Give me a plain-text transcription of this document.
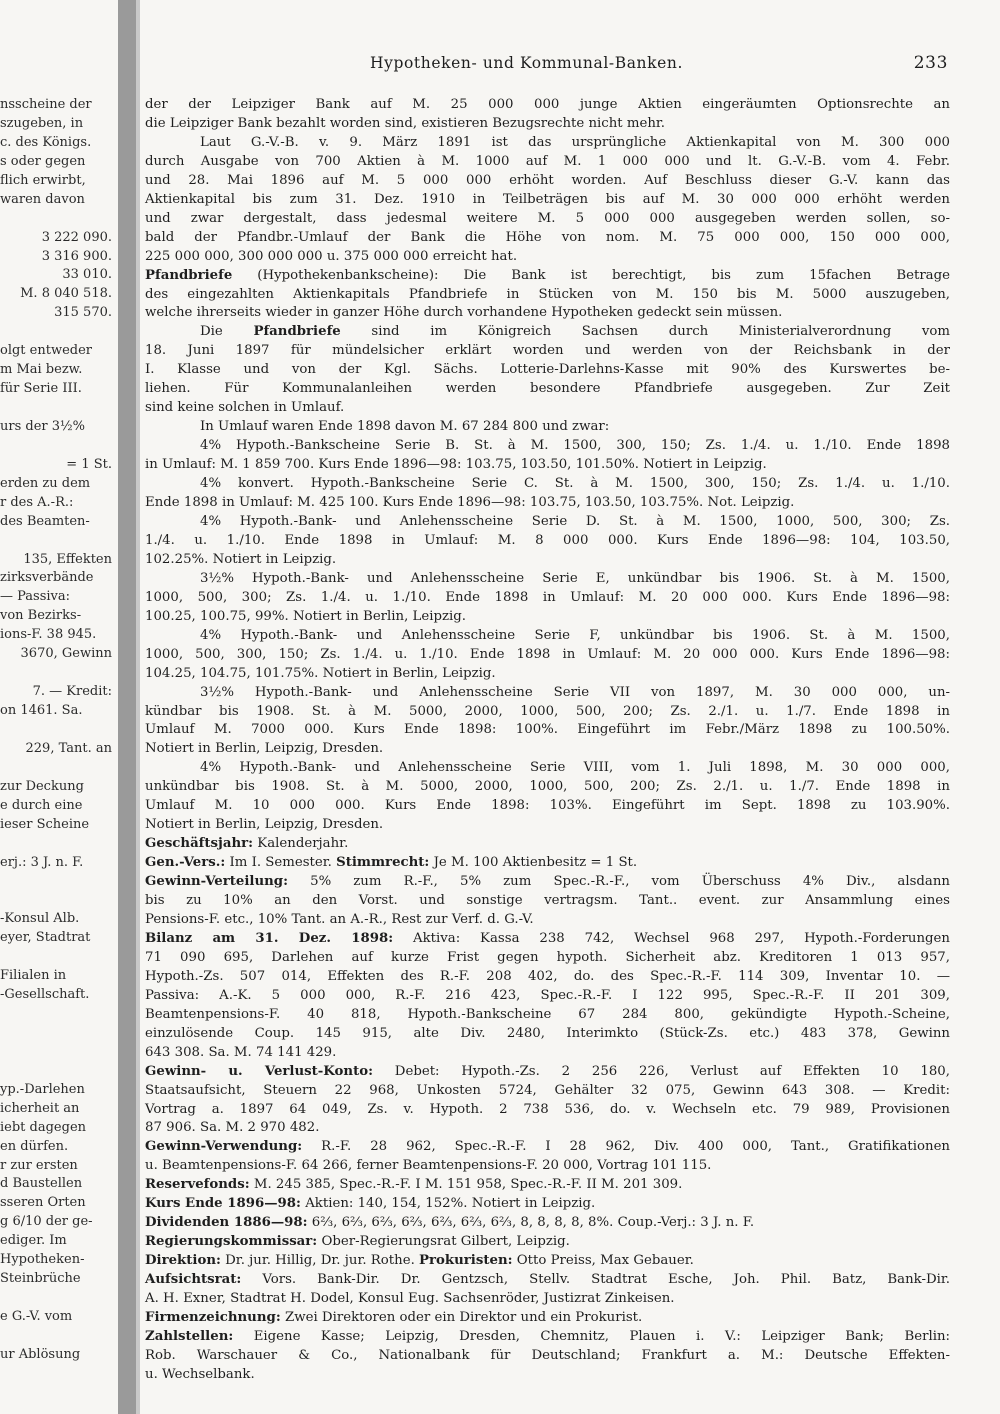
nsscheine der
szugeben, in
c. des Königs.
s oder gegen
flich erwirbt,
waren davon

3 222 090.
3 316 900.
33 010.
M. 8 040 518.
315 570.

olgt entweder
m Mai bezw.
für Serie III.

urs der 3½%

= 1 St.
erden zu dem
r des A.-R.:
des Beamten-

135, Effekten
zirksverbände
— Passiva:
von Bezirks-
ions-F. 38 945.
3670, Gewinn

7. — Kredit:
on 1461. Sa.

229, Tant. an

zur Deckung
e durch eine
ieser Scheine

erj.: 3 J. n. F.

-Konsul Alb.
eyer, Stadtrat

Filialen in
-Gesellschaft.

yp.-Darlehen
icherheit an
iebt dagegen
en dürfen.
r zur ersten
d Baustellen
sseren Orten
g 6/10 der ge-
ediger. Im
Hypotheken-
Steinbrüche

e G.-V. vom

ur Ablösung
Hypotheken- und Kommunal-Banken.	233

der der Leipziger Bank auf M. 25 000 000 junge Aktien eingeräumten Optionsrechte an

die Leipziger Bank bezahlt worden sind, existieren Bezugsrechte nicht mehr.

Laut G.-V.-B. v. 9. März 1891 ist das ursprüngliche Aktienkapital von M. 300 000

durch Ausgabe von 700 Aktien à M. 1000 auf M. 1 000 000 und lt. G.-V.-B. vom 4. Febr.

und 28. Mai 1896 auf M. 5 000 000 erhöht worden. Auf Beschluss dieser G.-V. kann das

Aktienkapital bis zum 31. Dez. 1910 in Teilbeträgen bis auf M. 30 000 000 erhöht werden

und zwar dergestalt, dass jedesmal weitere M. 5 000 000 ausgegeben werden sollen, so-

bald der Pfandbr.-Umlauf der Bank die Höhe von nom. M. 75 000 000, 150 000 000,

225 000 000, 300 000 000 u. 375 000 000 erreicht hat.

Pfandbriefe (Hypothekenbankscheine): Die Bank ist berechtigt, bis zum 15fachen Betrage

des eingezahlten Aktienkapitals Pfandbriefe in Stücken von M. 150 bis M. 5000 auszugeben,

welche ihrerseits wieder in ganzer Höhe durch vorhandene Hypotheken gedeckt sein müssen.

Die Pfandbriefe sind im Königreich Sachsen durch Ministerialverordnung vom

18. Juni 1897 für mündelsicher erklärt worden und werden von der Reichsbank in der

I. Klasse und von der Kgl. Sächs. Lotterie-Darlehns-Kasse mit 90% des Kurswertes be-

liehen. Für Kommunalanleihen werden besondere Pfandbriefe ausgegeben. Zur Zeit

sind keine solchen in Umlauf.

In Umlauf waren Ende 1898 davon M. 67 284 800 und zwar:

4% Hypoth.-Bankscheine Serie B. St. à M. 1500, 300, 150; Zs. 1./4. u. 1./10. Ende 1898

in Umlauf: M. 1 859 700. Kurs Ende 1896—98: 103.75, 103.50, 101.50%. Notiert in Leipzig.

4% konvert. Hypoth.-Bankscheine Serie C. St. à M. 1500, 300, 150; Zs. 1./4. u. 1./10.

Ende 1898 in Umlauf: M. 425 100. Kurs Ende 1896—98: 103.75, 103.50, 103.75%. Not. Leipzig.

4% Hypoth.-Bank- und Anlehensscheine Serie D. St. à M. 1500, 1000, 500, 300; Zs.

1./4. u. 1./10. Ende 1898 in Umlauf: M. 8 000 000. Kurs Ende 1896—98: 104, 103.50,

102.25%. Notiert in Leipzig.

3½% Hypoth.-Bank- und Anlehensscheine Serie E, unkündbar bis 1906. St. à M. 1500,

1000, 500, 300; Zs. 1./4. u. 1./10. Ende 1898 in Umlauf: M. 20 000 000. Kurs Ende 1896—98:

100.25, 100.75, 99%. Notiert in Berlin, Leipzig.

4% Hypoth.-Bank- und Anlehensscheine Serie F, unkündbar bis 1906. St. à M. 1500,

1000, 500, 300, 150; Zs. 1./4. u. 1./10. Ende 1898 in Umlauf: M. 20 000 000. Kurs Ende 1896—98:

104.25, 104.75, 101.75%. Notiert in Berlin, Leipzig.

3½% Hypoth.-Bank- und Anlehensscheine Serie VII von 1897, M. 30 000 000, un-

kündbar bis 1908. St. à M. 5000, 2000, 1000, 500, 200; Zs. 2./1. u. 1./7. Ende 1898 in

Umlauf M. 7000 000. Kurs Ende 1898: 100%. Eingeführt im Febr./März 1898 zu 100.50%.

Notiert in Berlin, Leipzig, Dresden.

4% Hypoth.-Bank- und Anlehensscheine Serie VIII, vom 1. Juli 1898, M. 30 000 000,

unkündbar bis 1908. St. à M. 5000, 2000, 1000, 500, 200; Zs. 2./1. u. 1./7. Ende 1898 in

Umlauf M. 10 000 000. Kurs Ende 1898: 103%. Eingeführt im Sept. 1898 zu 103.90%.

Notiert in Berlin, Leipzig, Dresden.

Geschäftsjahr: Kalenderjahr.

Gen.-Vers.: Im I. Semester. Stimmrecht: Je M. 100 Aktienbesitz = 1 St.

Gewinn-Verteilung: 5% zum R.-F., 5% zum Spec.-R.-F., vom Überschuss 4% Div., alsdann

bis zu 10% an den Vorst. und sonstige vertragsm. Tant.. event. zur Ansammlung eines

Pensions-F. etc., 10% Tant. an A.-R., Rest zur Verf. d. G.-V.

Bilanz am 31. Dez. 1898: Aktiva: Kassa 238 742, Wechsel 968 297, Hypoth.-Forderungen

71 090 695, Darlehen auf kurze Frist gegen hypoth. Sicherheit abz. Kreditoren 1 013 957,

Hypoth.-Zs. 507 014, Effekten des R.-F. 208 402, do. des Spec.-R.-F. 114 309, Inventar 10. —

Passiva: A.-K. 5 000 000, R.-F. 216 423, Spec.-R.-F. I 122 995, Spec.-R.-F. II 201 309,

Beamtenpensions-F. 40 818, Hypoth.-Bankscheine 67 284 800, gekündigte Hypoth.-Scheine,

einzulösende Coup. 145 915, alte Div. 2480, Interimkto (Stück-Zs. etc.) 483 378, Gewinn

643 308. Sa. M. 74 141 429.

Gewinn- u. Verlust-Konto: Debet: Hypoth.-Zs. 2 256 226, Verlust auf Effekten 10 180,

Staatsaufsicht, Steuern 22 968, Unkosten 5724, Gehälter 32 075, Gewinn 643 308. — Kredit:

Vortrag a. 1897 64 049, Zs. v. Hypoth. 2 738 536, do. v. Wechseln etc. 79 989, Provisionen

87 906. Sa. M. 2 970 482.

Gewinn-Verwendung: R.-F. 28 962, Spec.-R.-F. I 28 962, Div. 400 000, Tant., Gratifikationen

u. Beamtenpensions-F. 64 266, ferner Beamtenpensions-F. 20 000, Vortrag 101 115.

Reservefonds: M. 245 385, Spec.-R.-F. I M. 151 958, Spec.-R.-F. II M. 201 309.

Kurs Ende 1896—98: Aktien: 140, 154, 152%. Notiert in Leipzig.

Dividenden 1886—98: 6⅔, 6⅔, 6⅔, 6⅔, 6⅔, 6⅔, 6⅔, 8, 8, 8, 8, 8%. Coup.-Verj.: 3 J. n. F.

Regierungskommissar: Ober-Regierungsrat Gilbert, Leipzig.

Direktion: Dr. jur. Hillig, Dr. jur. Rothe. Prokuristen: Otto Preiss, Max Gebauer.

Aufsichtsrat: Vors. Bank-Dir. Dr. Gentzsch, Stellv. Stadtrat Esche, Joh. Phil. Batz, Bank-Dir.

A. H. Exner, Stadtrat H. Dodel, Konsul Eug. Sachsenröder, Justizrat Zinkeisen.

Firmenzeichnung: Zwei Direktoren oder ein Direktor und ein Prokurist.

Zahlstellen: Eigene Kasse; Leipzig, Dresden, Chemnitz, Plauen i. V.: Leipziger Bank; Berlin:

Rob. Warschauer & Co., Nationalbank für Deutschland; Frankfurt a. M.: Deutsche Effekten-

u. Wechselbank.
